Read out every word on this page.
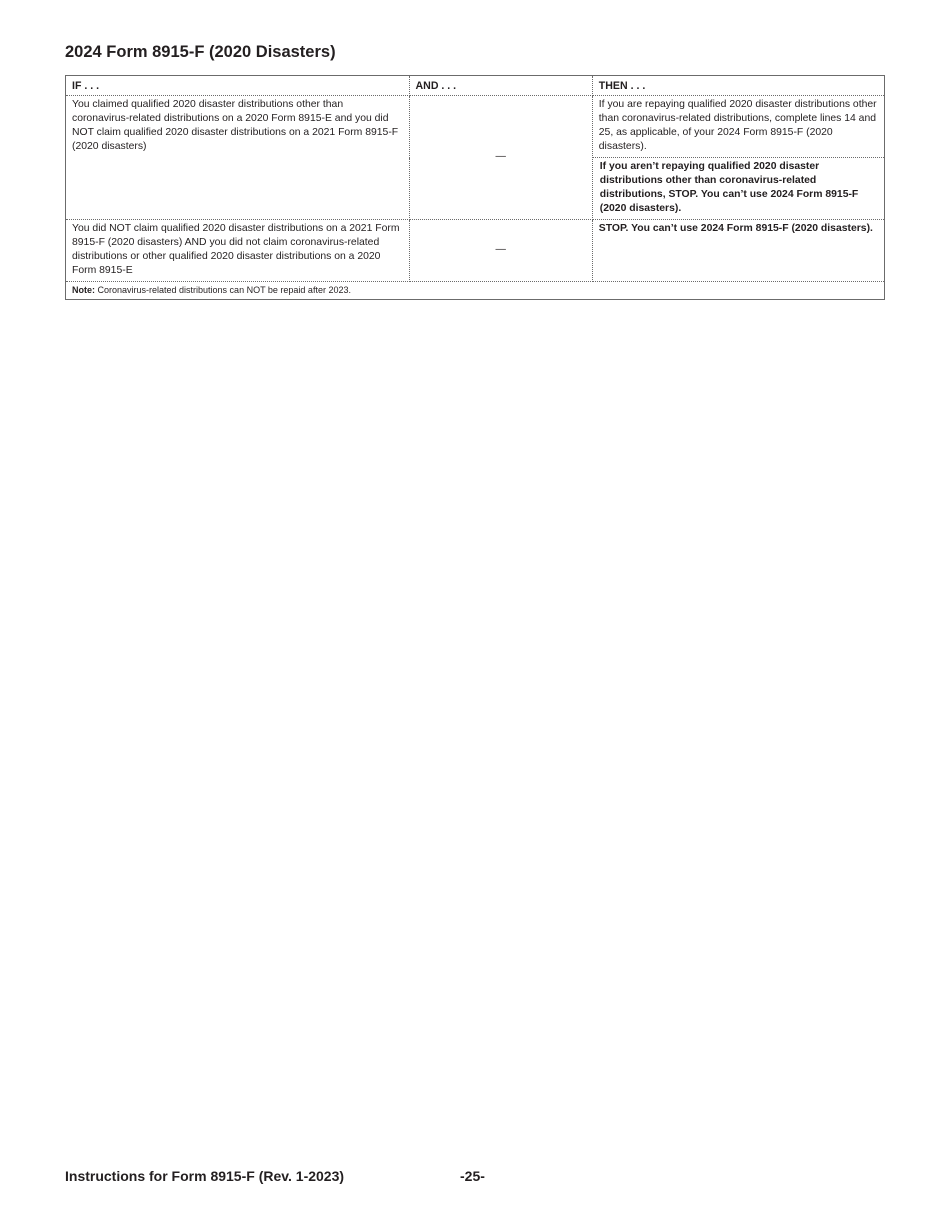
2024 Form 8915-F (2020 Disasters)
IF . . .	AND . . .	THEN . . .
You claimed qualified 2020 disaster distributions other than coronavirus-related distributions on a 2020 Form 8915-E and you did NOT claim qualified 2020 disaster distributions on a 2021 Form 8915-F (2020 disasters)	—	If you are repaying qualified 2020 disaster distributions other than coronavirus-related distributions, complete lines 14 and 25, as applicable, of your 2024 Form 8915-F (2020 disasters).

		If you aren’t repaying qualified 2020 disaster distributions other than coronavirus-related distributions, STOP. You can’t use 2024 Form 8915-F (2020 disasters).

You did NOT claim qualified 2020 disaster distributions on a 2021 Form 8915-F (2020 disasters) AND you did not claim coronavirus-related distributions or other qualified 2020 disaster distributions on a 2020 Form 8915-E	—	STOP. You can’t use 2024 Form 8915-F (2020 disasters).
Note: Coronavirus-related distributions can NOT be repaid after 2023.		
Instructions for Form 8915-F (Rev. 1-2023)	-25-
